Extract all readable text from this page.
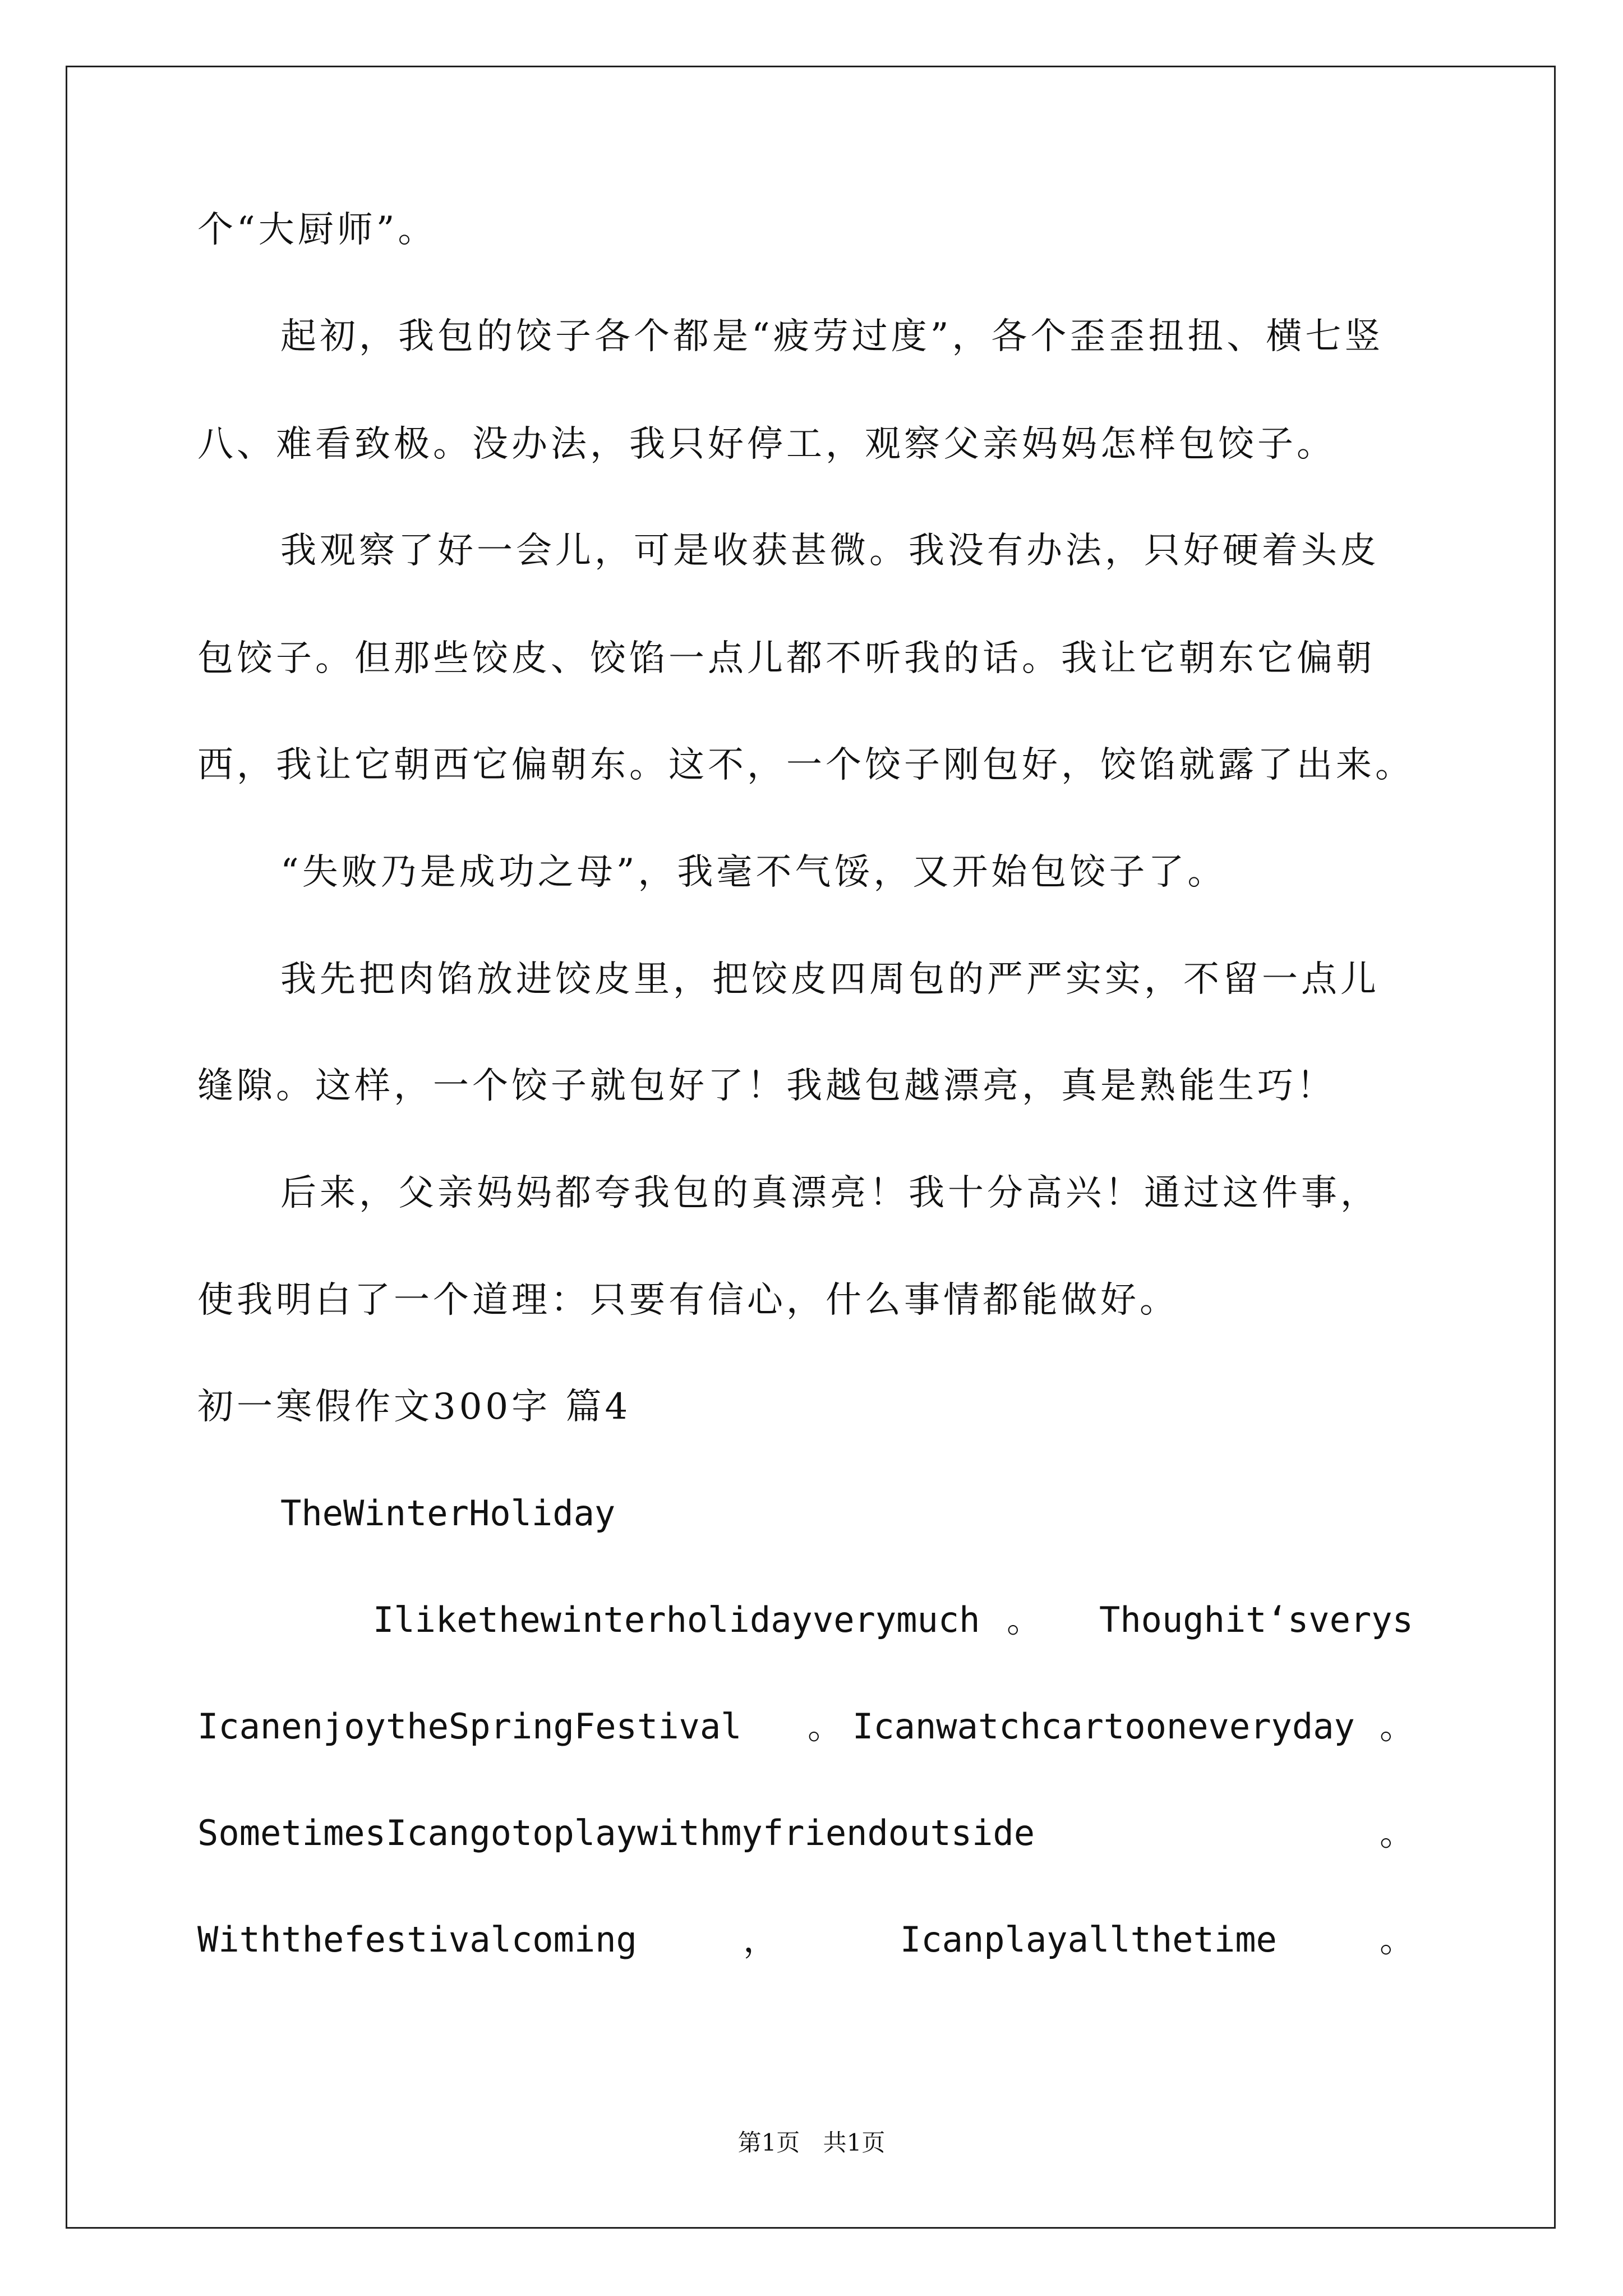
个“大厨师”。
起初，我包的饺子各个都是“疲劳过度”，各个歪歪扭扭、横七竖
八、难看致极。没办法，我只好停工，观察父亲妈妈怎样包饺子。
我观察了好一会儿，可是收获甚微。我没有办法，只好硬着头皮
包饺子。但那些饺皮、饺馅一点儿都不听我的话。我让它朝东它偏朝
西，我让它朝西它偏朝东。这不，一个饺子刚包好，饺馅就露了出来。
“失败乃是成功之母”，我毫不气馁，又开始包饺子了。
我先把肉馅放进饺皮里，把饺皮四周包的严严实实，不留一点儿
缝隙。这样，一个饺子就包好了！我越包越漂亮，真是熟能生巧！
后来，父亲妈妈都夸我包的真漂亮！我十分高兴！通过这件事，
使我明白了一个道理：只要有信心，什么事情都能做好。
初一寒假作文300字 篇4
TheWinterHoliday
Ilikethewinterholidayverymuch 。 Thoughit‘sverys
IcanenjoytheSpringFestival 。 Icanwatchcartooneveryday 。
SometimesIcangotoplaywithmyfriendoutside	。
Withthefestivalcoming	，	Icanplayallthetime	。
第1页 共1页
